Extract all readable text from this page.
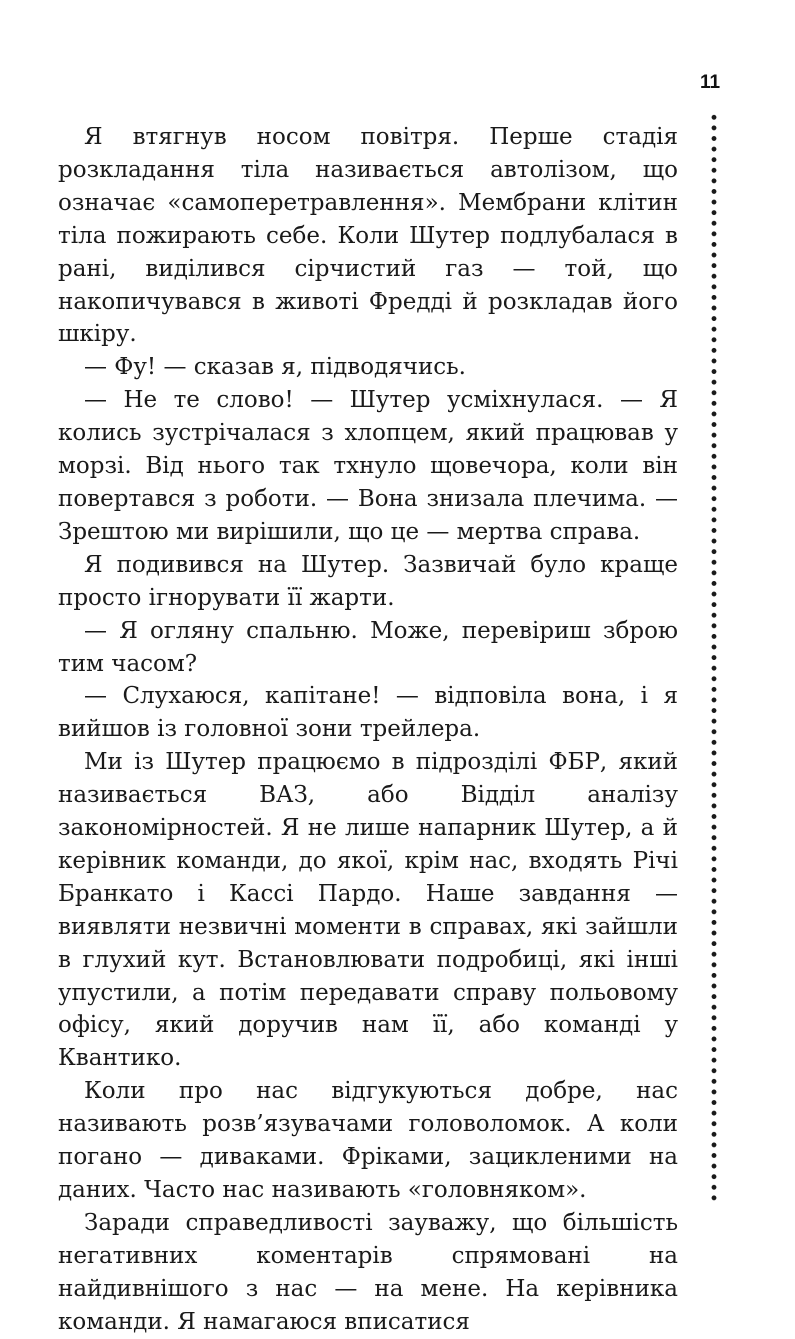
11

Я втягнув носом повітря. Перше стадія розкладання тіла називається автолізом, що означає «самоперетравлення». Мембрани клітин тіла пожирають себе. Коли Шутер подлубалася в рані, виділився сірчистий газ — той, що накопичувався в животі Фредді й розкладав його шкіру.

— Фу! — сказав я, підводячись.

— Не те слово! — Шутер усміхнулася. — Я колись зустрічалася з хлопцем, який працював у морзі. Від нього так тхнуло щовечора, коли він повертався з роботи. — Вона знизала плечима. — Зрештою ми вирішили, що це — мертва справа.

Я подивився на Шутер. Зазвичай було краще просто ігнорувати її жарти.

— Я огляну спальню. Може, перевіриш зброю тим часом?

— Слухаюся, капітане! — відповіла вона, і я вийшов із головної зони трейлера.

Ми із Шутер працюємо в підрозділі ФБР, який називається ВАЗ, або Відділ аналізу закономірностей. Я не лише напарник Шутер, а й керівник команди, до якої, крім нас, входять Річі Бранкато і Кассі Пардо. Наше завдання — виявляти незвичні моменти в справах, які зайшли в глухий кут. Встановлювати подробиці, які інші упустили, а потім передавати справу польовому офісу, який доручив нам її, або команді у Квантико.

Коли про нас відгукуються добре, нас називають розв’язувачами головоломок. А коли погано — диваками. Фріками, зацикленими на даних. Часто нас називають «головняком».

Заради справедливості зауважу, що більшість негативних коментарів спрямовані на найдивнішого з нас — на мене. На керівника команди. Я намагаюся вписатися
